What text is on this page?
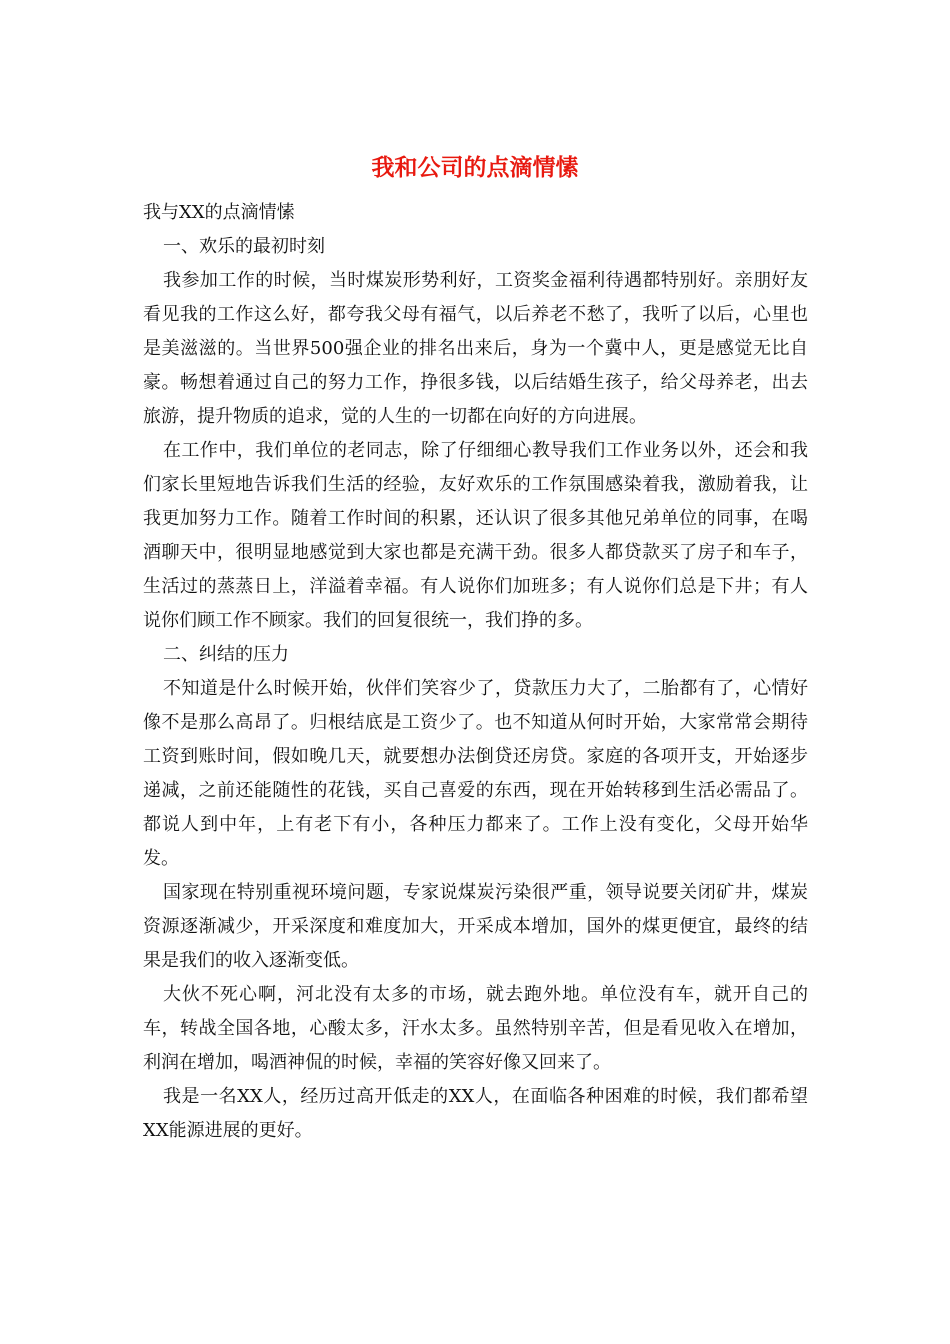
我和公司的点滴情愫

我与XX的点滴情愫

一、欢乐的最初时刻

我参加工作的时候，当时煤炭形势利好，工资奖金福利待遇都特别好。亲朋好友看见我的工作这么好，都夸我父母有福气，以后养老不愁了，我听了以后，心里也是美滋滋的。当世界500强企业的排名出来后，身为一个冀中人，更是感觉无比自豪。畅想着通过自己的努力工作，挣很多钱，以后结婚生孩子，给父母养老，出去旅游，提升物质的追求，觉的人生的一切都在向好的方向进展。

在工作中，我们单位的老同志，除了仔细细心教导我们工作业务以外，还会和我们家长里短地告诉我们生活的经验，友好欢乐的工作氛围感染着我，激励着我，让我更加努力工作。随着工作时间的积累，还认识了很多其他兄弟单位的同事，在喝酒聊天中，很明显地感觉到大家也都是充满干劲。很多人都贷款买了房子和车子，生活过的蒸蒸日上，洋溢着幸福。有人说你们加班多；有人说你们总是下井；有人说你们顾工作不顾家。我们的回复很统一，我们挣的多。

二、纠结的压力

不知道是什么时候开始，伙伴们笑容少了，贷款压力大了，二胎都有了，心情好像不是那么高昂了。归根结底是工资少了。也不知道从何时开始，大家常常会期待工资到账时间，假如晚几天，就要想办法倒贷还房贷。家庭的各项开支，开始逐步递减，之前还能随性的花钱，买自己喜爱的东西，现在开始转移到生活必需品了。都说人到中年，上有老下有小，各种压力都来了。工作上没有变化，父母开始华发。

国家现在特别重视环境问题，专家说煤炭污染很严重，领导说要关闭矿井，煤炭资源逐渐减少，开采深度和难度加大，开采成本增加，国外的煤更便宜，最终的结果是我们的收入逐渐变低。

大伙不死心啊，河北没有太多的市场，就去跑外地。单位没有车，就开自己的车，转战全国各地，心酸太多，汗水太多。虽然特别辛苦，但是看见收入在增加，利润在增加，喝酒神侃的时候，幸福的笑容好像又回来了。

我是一名XX人，经历过高开低走的XX人，在面临各种困难的时候，我们都希望XX能源进展的更好。
